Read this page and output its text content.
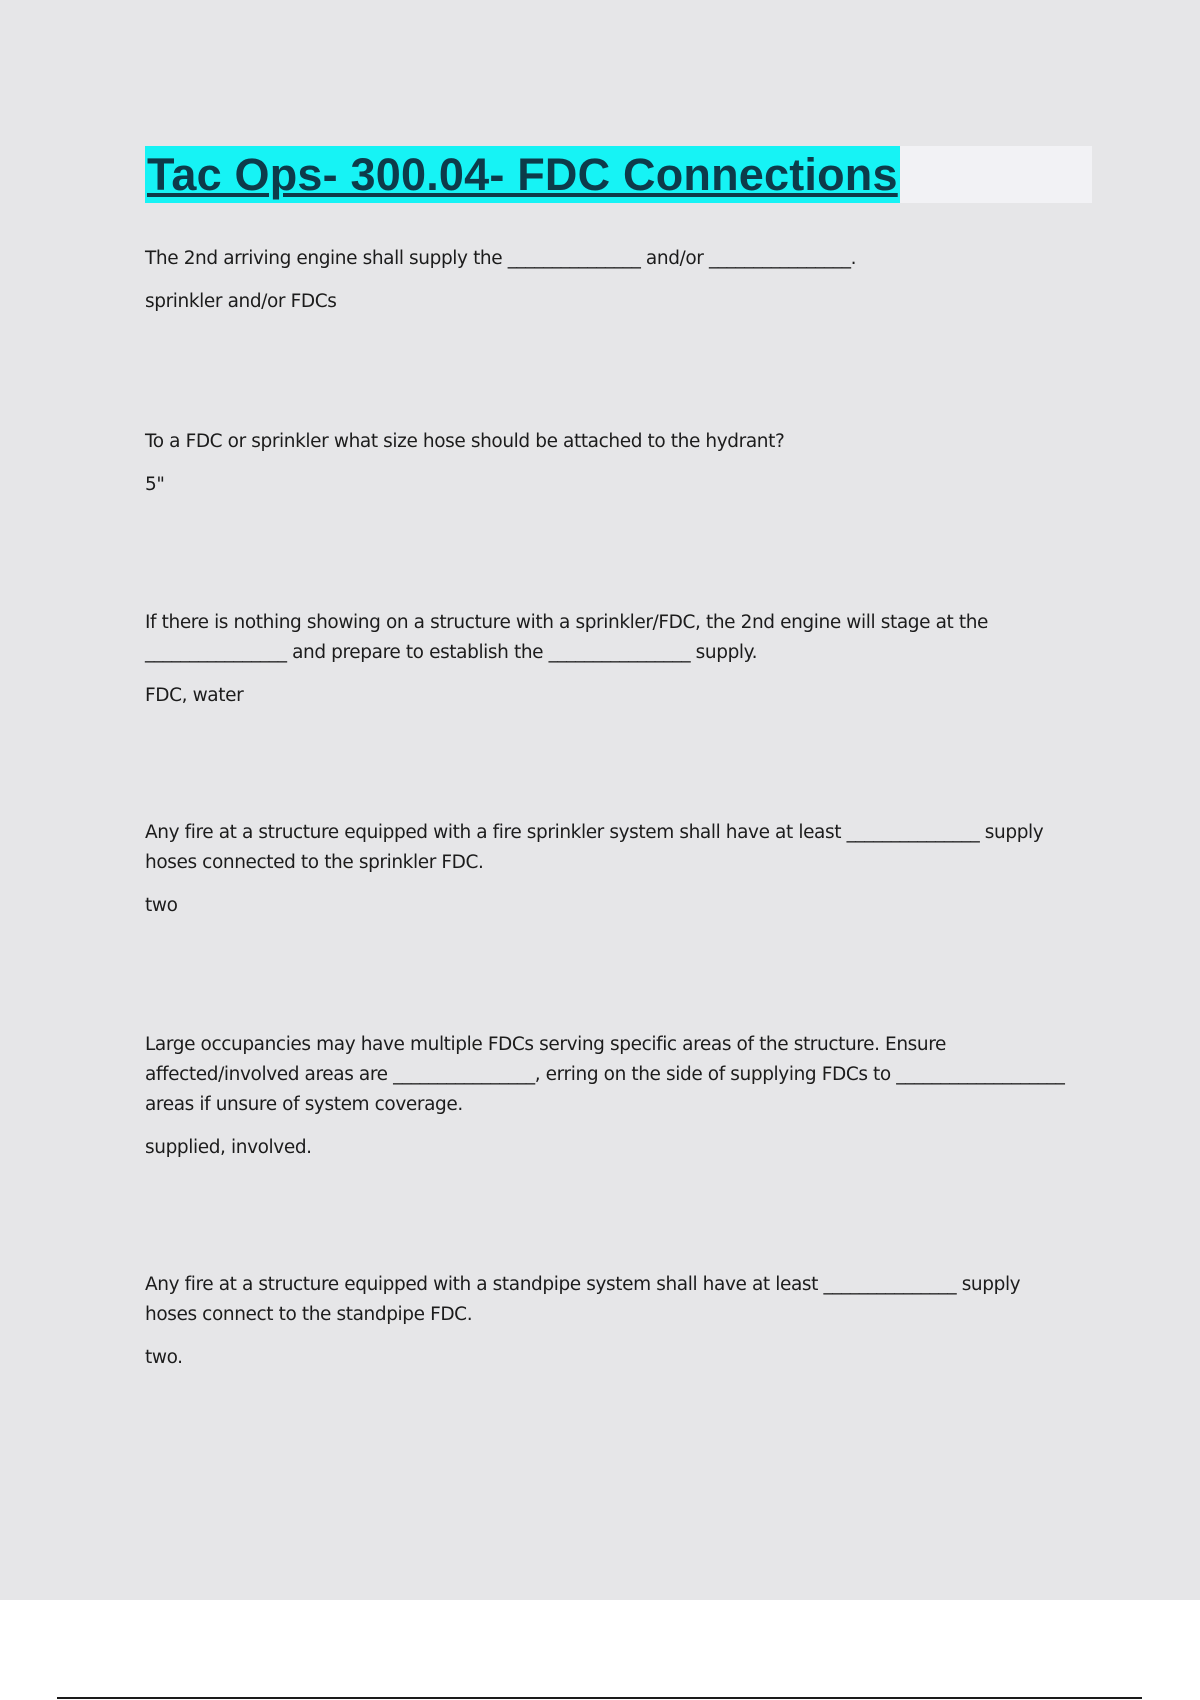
Tac Ops- 300.04- FDC Connections

The 2nd arriving engine shall supply the _______________ and/or ________________.

sprinkler and/or FDCs

To a FDC or sprinkler what size hose should be attached to the hydrant?

5"

If there is nothing showing on a structure with a sprinkler/FDC, the 2nd engine will stage at the ________________ and prepare to establish the ________________ supply.

FDC, water

Any fire at a structure equipped with a fire sprinkler system shall have at least _______________ supply hoses connected to the sprinkler FDC.

two

Large occupancies may have multiple FDCs serving specific areas of the structure. Ensure affected/involved areas are ________________, erring on the side of supplying FDCs to ___________________ areas if unsure of system coverage.

supplied, involved.

Any fire at a structure equipped with a standpipe system shall have at least _______________ supply hoses connect to the standpipe FDC.

two.
